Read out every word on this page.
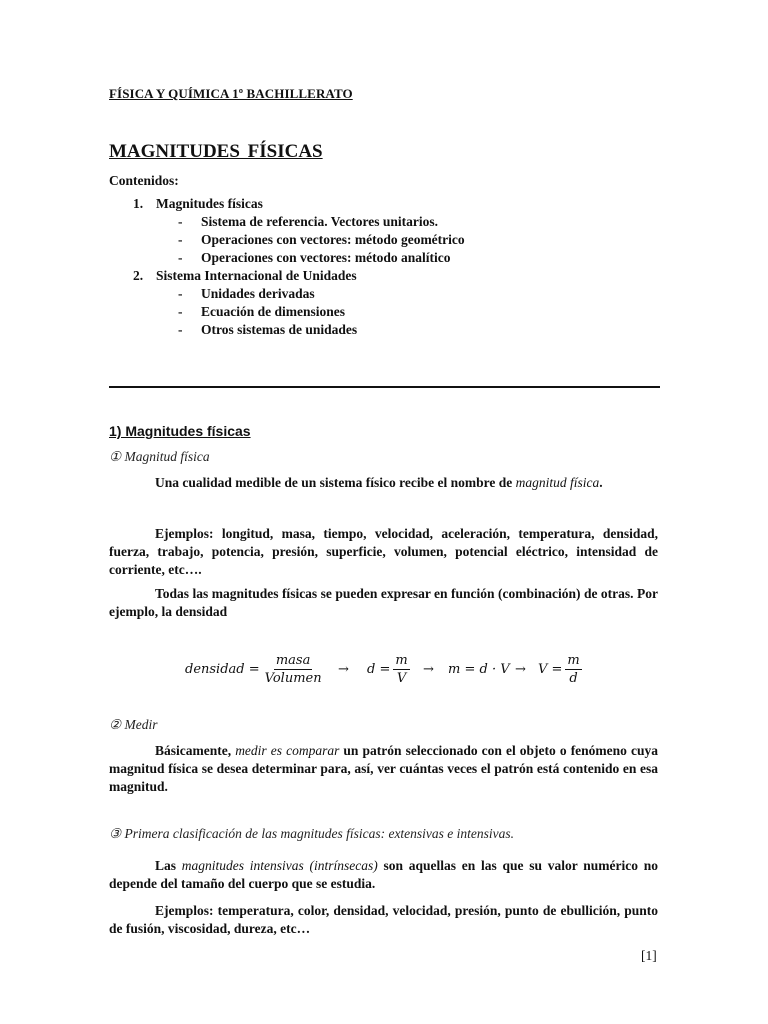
FÍSICA Y QUÍMICA 1º BACHILLERATO
MAGNITUDES FÍSICAS
Contenidos:
1. Magnitudes físicas
- Sistema de referencia. Vectores unitarios.
- Operaciones con vectores: método geométrico
- Operaciones con vectores: método analítico
2. Sistema Internacional de Unidades
- Unidades derivadas
- Ecuación de dimensiones
- Otros sistemas de unidades
1) Magnitudes físicas
① Magnitud física
Una cualidad medible de un sistema físico recibe el nombre de magnitud física.
Ejemplos: longitud, masa, tiempo, velocidad, aceleración, temperatura, densidad, fuerza, trabajo, potencia, presión, superficie, volumen, potencial eléctrico, intensidad de corriente, etc….
Todas las magnitudes físicas se pueden expresar en función (combinación) de otras. Por ejemplo, la densidad
densidad = $\frac{\text{masa}}{\text{Volumen}} \to d = \frac{m}{V} \to m = d \cdot V \to V = \frac{m}{d}$
② Medir
Básicamente, medir es comparar un patrón seleccionado con el objeto o fenómeno cuya magnitud física se desea determinar para, así, ver cuántas veces el patrón está contenido en esa magnitud.
③ Primera clasificación de las magnitudes físicas: extensivas e intensivas.
Las magnitudes intensivas (intrínsecas) son aquellas en las que su valor numérico no depende del tamaño del cuerpo que se estudia.
Ejemplos: temperatura, color, densidad, velocidad, presión, punto de ebullición, punto de fusión, viscosidad, dureza, etc…
[1]
